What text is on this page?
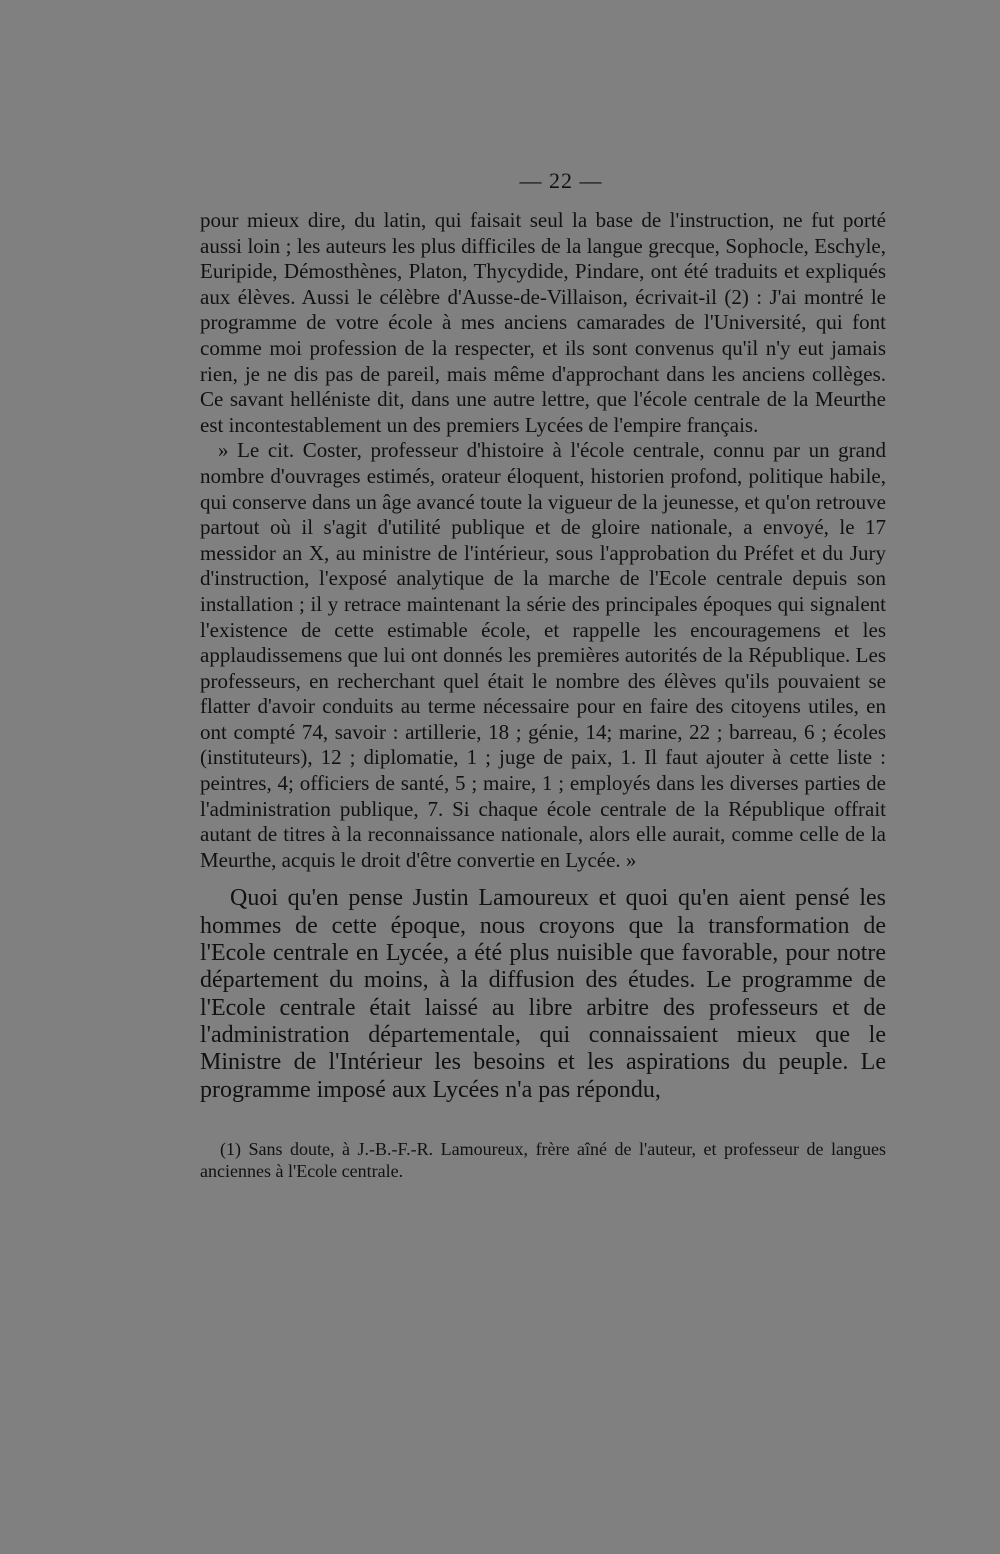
— 22 —

pour mieux dire, du latin, qui faisait seul la base de l'instruction, ne fut porté aussi loin ; les auteurs les plus difficiles de la langue grecque, Sophocle, Eschyle, Euripide, Démosthènes, Platon, Thycydide, Pindare, ont été traduits et expliqués aux élèves. Aussi le célèbre d'Ausse-de-Villaison, écrivait-il (2) : J'ai montré le programme de votre école à mes anciens camarades de l'Université, qui font comme moi profession de la respecter, et ils sont convenus qu'il n'y eut jamais rien, je ne dis pas de pareil, mais même d'approchant dans les anciens collèges. Ce savant helléniste dit, dans une autre lettre, que l'école centrale de la Meurthe est incontestablement un des premiers Lycées de l'empire français.

» Le cit. Coster, professeur d'histoire à l'école centrale, connu par un grand nombre d'ouvrages estimés, orateur éloquent, historien profond, politique habile, qui conserve dans un âge avancé toute la vigueur de la jeunesse, et qu'on retrouve partout où il s'agit d'utilité publique et de gloire nationale, a envoyé, le 17 messidor an X, au ministre de l'intérieur, sous l'approbation du Préfet et du Jury d'instruction, l'exposé analytique de la marche de l'Ecole centrale depuis son installation ; il y retrace maintenant la série des principales époques qui signalent l'existence de cette estimable école, et rappelle les encouragemens et les applaudissemens que lui ont donnés les premières autorités de la République. Les professeurs, en recherchant quel était le nombre des élèves qu'ils pouvaient se flatter d'avoir conduits au terme nécessaire pour en faire des citoyens utiles, en ont compté 74, savoir : artillerie, 18 ; génie, 14; marine, 22 ; barreau, 6 ; écoles (instituteurs), 12 ; diplomatie, 1 ; juge de paix, 1. Il faut ajouter à cette liste : peintres, 4; officiers de santé, 5 ; maire, 1 ; employés dans les diverses parties de l'administration publique, 7. Si chaque école centrale de la République offrait autant de titres à la reconnaissance nationale, alors elle aurait, comme celle de la Meurthe, acquis le droit d'être convertie en Lycée. »

Quoi qu'en pense Justin Lamoureux et quoi qu'en aient pensé les hommes de cette époque, nous croyons que la transformation de l'Ecole centrale en Lycée, a été plus nuisible que favorable, pour notre département du moins, à la diffusion des études. Le programme de l'Ecole centrale était laissé au libre arbitre des professeurs et de l'administration départementale, qui connaissaient mieux que le Ministre de l'Intérieur les besoins et les aspirations du peuple. Le programme imposé aux Lycées n'a pas répondu,

(1) Sans doute, à J.-B.-F.-R. Lamoureux, frère aîné de l'auteur, et professeur de langues anciennes à l'Ecole centrale.
